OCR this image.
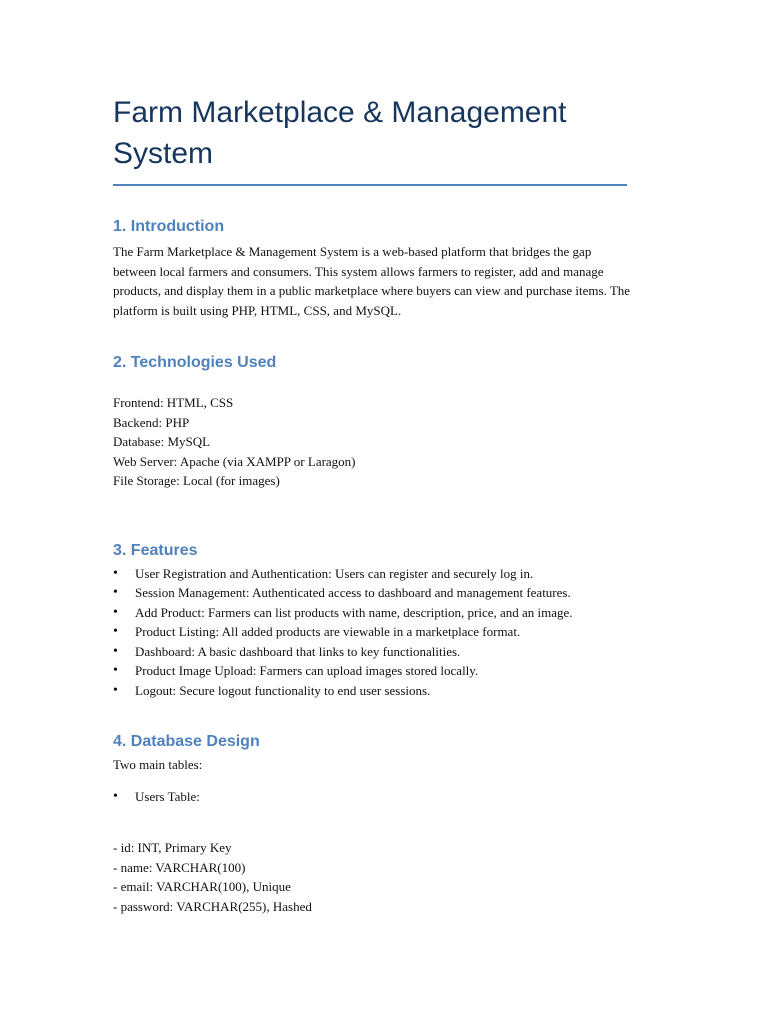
Farm Marketplace & Management System
1. Introduction

The Farm Marketplace & Management System is a web-based platform that bridges the gap between local farmers and consumers. This system allows farmers to register, add and manage products, and display them in a public marketplace where buyers can view and purchase items. The platform is built using PHP, HTML, CSS, and MySQL.

2. Technologies Used
Frontend: HTML, CSS
Backend: PHP
Database: MySQL
Web Server: Apache (via XAMPP or Laragon)
File Storage: Local (for images)
3. Features
• User Registration and Authentication: Users can register and securely log in.
• Session Management: Authenticated access to dashboard and management features.
• Add Product: Farmers can list products with name, description, price, and an image.
• Product Listing: All added products are viewable in a marketplace format.
• Dashboard: A basic dashboard that links to key functionalities.
• Product Image Upload: Farmers can upload images stored locally.
• Logout: Secure logout functionality to end user sessions.
4. Database Design

Two main tables:

• Users Table:
- id: INT, Primary Key
- name: VARCHAR(100)
- email: VARCHAR(100), Unique
- password: VARCHAR(255), Hashed
